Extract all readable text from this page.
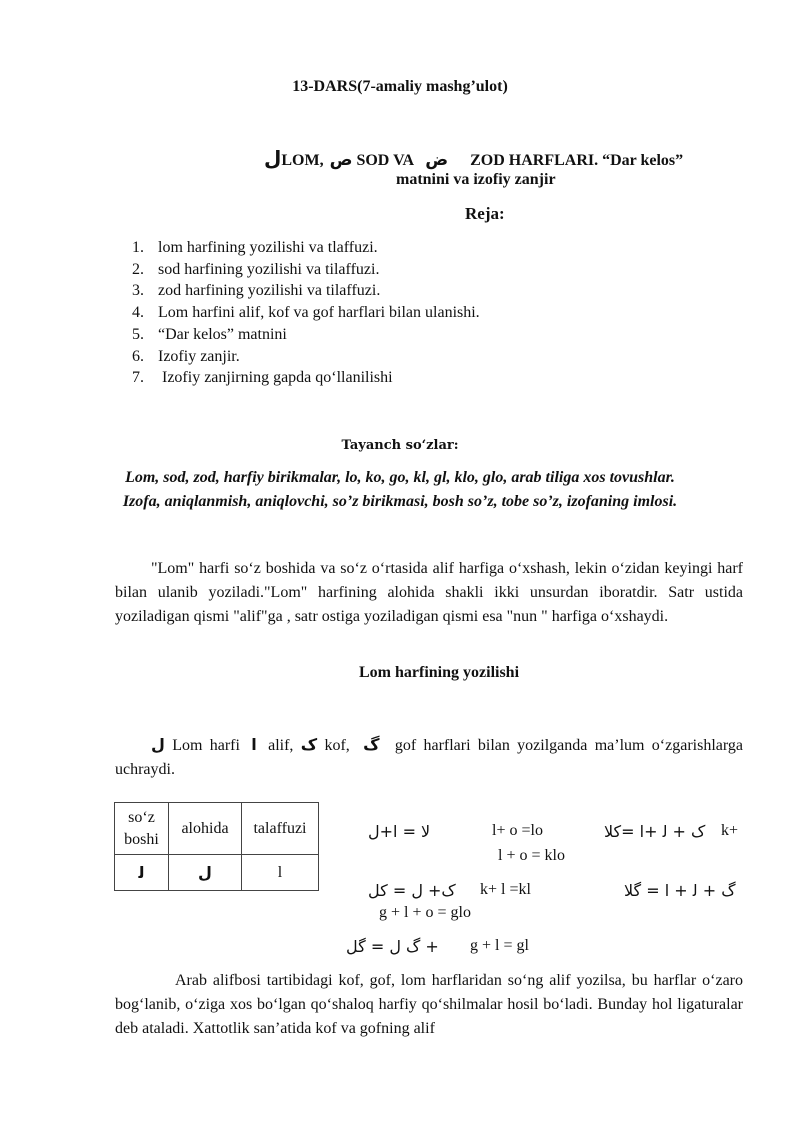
13-DARS(7-amaliy mashg’ulot)
لLOM, ص SOD VA ض ZOD HARFLARI. “Dar kelos”
matnini va izofiy zanjir
Reja:
1. lom harfining yozilishi va tlaffuzi.
2. sod harfining yozilishi va tilaffuzi.
3. zod harfining yozilishi va tilaffuzi.
4. Lom harfini alif, kof va gof harflari bilan ulanishi.
5. “Dar kelos” matnini
6. Izofiy zanjir.
7. Izofiy zanjirning gapda qo‘llanilishi
Tayanch so‘zlar:
Lom, sod, zod, harfiy birikmalar, lo, ko, go, kl, gl, klo, glo, arab tiligа xos tovushlar.
Izofa, aniqlanmish, aniqlovchi, so’z birikmasi, bosh so’z, tobe so’z, izofaning imlosi.
"Lom" harfi so‘z boshida va so‘z o‘rtasida alif harfiga o‘xshash, lekin o‘zidan keyingi harf bilan ulanib yoziladi."Lom" harfining alohida shakli ikki unsurdan iboratdir. Satr ustida yoziladigan qismi "alif"ga , satr ostiga yoziladigan qismi esa "nun " harfiga o‘xshaydi.
Lom harfining yozilishi
ل Lom harfi ا alif, ک kof, گ gof harflari bilan yozilganda ma’lum o‘zgarishlarga uchraydi.
so‘z
boshi	alohida	talaffuzi
ﻟ	ل	l
لا = ا+ل	l+ o =lo	ک + ﻟ +ا =کلا k+
l + o = klo
ک+ ل = کل k+ l =kl	گ + ﻟ + ا = گلا
g + l + o = glo
گ ل = گل + g + l = gl
Arab alifbosi tartibidagi kof, gof, lom harflaridan so‘ng alif yozilsa, bu harflar o‘zaro bog‘lanib, o‘ziga xos bo‘lgan qo‘shaloq harfiy qo‘shilmalar hosil bo‘ladi. Bunday hol ligaturalar deb ataladi. Xattotlik san’atida kof va gofning alif
